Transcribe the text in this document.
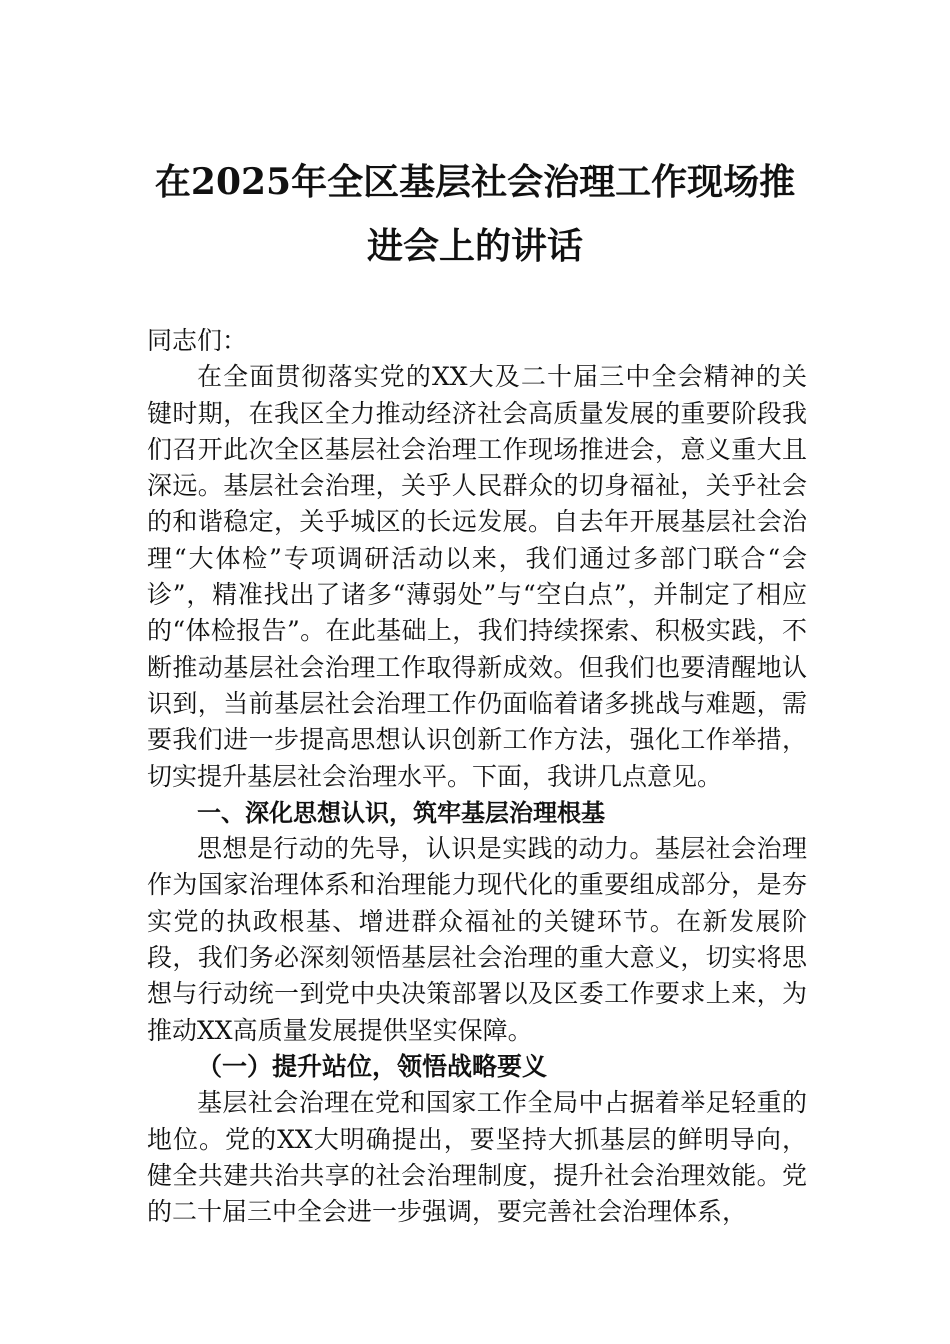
在2025年全区基层社会治理工作现场推进会上的讲话

同志们：

在全面贯彻落实党的XX大及二十届三中全会精神的关键时期，在我区全力推动经济社会高质量发展的重要阶段我们召开此次全区基层社会治理工作现场推进会，意义重大且深远。基层社会治理，关乎人民群众的切身福祉，关乎社会的和谐稳定，关乎城区的长远发展。自去年开展基层社会治理“大体检”专项调研活动以来，我们通过多部门联合“会诊”，精准找出了诸多“薄弱处”与“空白点”，并制定了相应的“体检报告”。在此基础上，我们持续探索、积极实践，不断推动基层社会治理工作取得新成效。但我们也要清醒地认识到，当前基层社会治理工作仍面临着诸多挑战与难题，需要我们进一步提高思想认识创新工作方法，强化工作举措，切实提升基层社会治理水平。下面，我讲几点意见。

一、深化思想认识，筑牢基层治理根基

思想是行动的先导，认识是实践的动力。基层社会治理作为国家治理体系和治理能力现代化的重要组成部分，是夯实党的执政根基、增进群众福祉的关键环节。在新发展阶段，我们务必深刻领悟基层社会治理的重大意义，切实将思想与行动统一到党中央决策部署以及区委工作要求上来，为推动XX高质量发展提供坚实保障。

（一）提升站位，领悟战略要义

基层社会治理在党和国家工作全局中占据着举足轻重的地位。党的XX大明确提出，要坚持大抓基层的鲜明导向，健全共建共治共享的社会治理制度，提升社会治理效能。党的二十届三中全会进一步强调，要完善社会治理体系，
